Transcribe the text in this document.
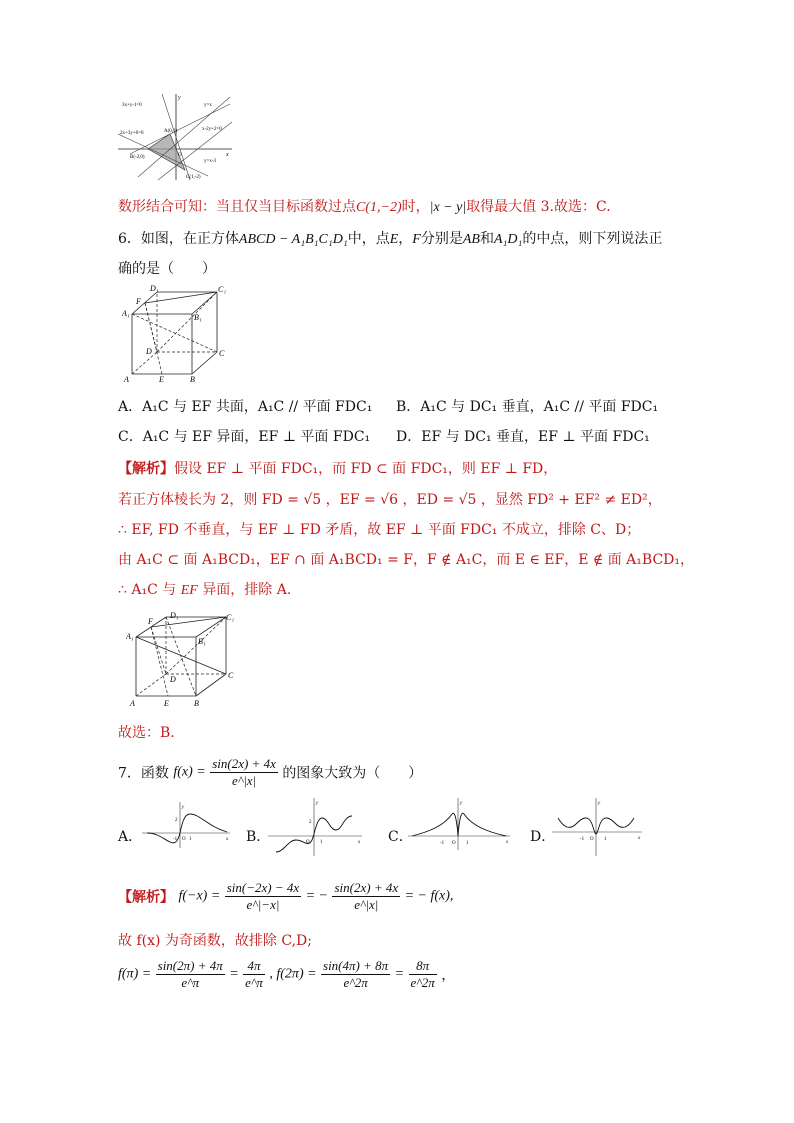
3x+y-1=0	y=x
x-2y+2=0
2x+3y+6=0
y=x-3
A(0,1)
B(-2,0)
C(1,-2)
y
x
O
数形结合可知：当且仅当目标函数过点C(1,−2)时，|x − y|取得最大值 3.故选：C.
6．如图，在正方体ABCD − A₁B₁C₁D₁中，点E，F分别是AB和A₁D₁的中点，则下列说法正
确的是（　　）
A	E	B
C
D
A₁	B₁
C₁
D₁
F
A．A₁C 与 EF 共面，A₁C // 平面 FDC₁ B．A₁C 与 DC₁ 垂直，A₁C // 平面 FDC₁
C．A₁C 与 EF 异面，EF ⊥ 平面 FDC₁ D．EF 与 DC₁ 垂直，EF ⊥ 平面 FDC₁
【解析】假设 EF ⊥ 平面 FDC₁，而 FD ⊂ 面 FDC₁，则 EF ⊥ FD，
若正方体棱长为 2，则 FD = √5 ，EF = √6 ，ED = √5 ，显然 FD² + EF² ≠ ED²，
∴ EF, FD 不垂直，与 EF ⊥ FD 矛盾，故 EF ⊥ 平面 FDC₁ 不成立，排除 C、D；
由 A₁C ⊂ 面 A₁BCD₁，EF ∩ 面 A₁BCD₁ = F，F ∉ A₁C，而 E ∈ EF，E ∉ 面 A₁BCD₁，
∴ A₁C 与 EF 异面，排除 A.
A	E	B
C
D
A₁
B₁
C₁
D₁
F
故选：B.
7．函数 $f(x) = \frac{\sin(2x) + 4x}{e\^{}|x|}$ 的图象大致为（　　）
A．
y
x
2
-1 O 1	B．
y
x
2
O 1	C．
y
x
-1 O 1	D．
y
x
-1 O 1
【解析】 $f(-x) = \frac{\sin(-2x) - 4x}{e\^{}|-x|}$ = − $\frac{\sin(2x) + 4x}{e\^{}|x|}$ = − f(x),
故 f(x) 为奇函数，故排除 C,D;
$f(\pi) = \frac{\sin(2\pi) + 4\pi}{e\^{}\pi} = \frac{4\pi}{e\^{}\pi}$ , $f(2\pi) = \frac{\sin(4\pi) + 8\pi}{e\^{}2\pi} = \frac{8\pi}{e\^{}2\pi}$ ，
